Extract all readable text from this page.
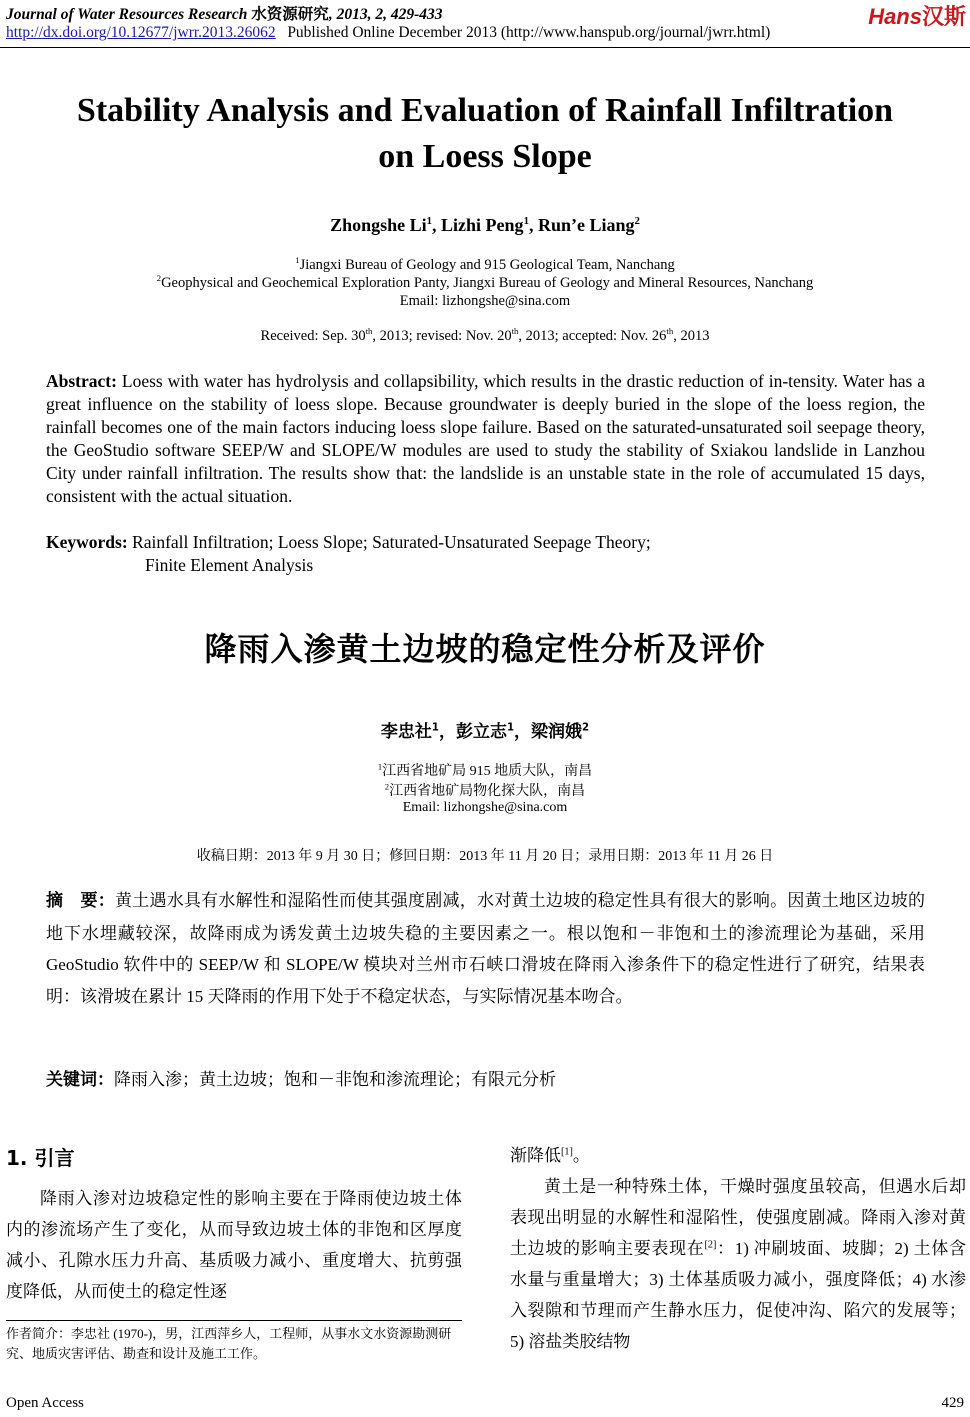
Journal of Water Resources Research 水资源研究, 2013, 2, 429-433	Hans汉斯
http://dx.doi.org/10.12677/jwrr.2013.26062 Published Online December 2013 (http://www.hanspub.org/journal/jwrr.html)
Stability Analysis and Evaluation of Rainfall Infiltration
on Loess Slope
Zhongshe Li$^1$, Lizhi Peng$^1$, Run’e Liang$^2$
$^1$Jiangxi Bureau of Geology and 915 Geological Team, Nanchang
$^2$Geophysical and Geochemical Exploration Panty, Jiangxi Bureau of Geology and Mineral Resources, Nanchang
Email: lizhongshe@sina.com
Received: Sep. 30th, 2013; revised: Nov. 20th, 2013; accepted: Nov. 26th, 2013
Abstract: Loess with water has hydrolysis and collapsibility, which results in the drastic reduction of in-tensity. Water has a great influence on the stability of loess slope. Because groundwater is deeply buried in the slope of the loess region, the rainfall becomes one of the main factors inducing loess slope failure. Based on the saturated-unsaturated soil seepage theory, the GeoStudio software SEEP/W and SLOPE/W modules are used to study the stability of Sxiakou landslide in Lanzhou City under rainfall infiltration. The results show that: the landslide is an unstable state in the role of accumulated 15 days, consistent with the actual situation.
Keywords: Rainfall Infiltration; Loess Slope; Saturated-Unsaturated Seepage Theory;
Finite Element Analysis
降雨入渗黄土边坡的稳定性分析及评价
李忠社$^1$，彭立志$^1$，梁润娥$^2$
$^1$江西省地矿局 915 地质大队，南昌
$^2$江西省地矿局物化探大队，南昌
Email: lizhongshe@sina.com
收稿日期：2013 年 9 月 30 日；修回日期：2013 年 11 月 20 日；录用日期：2013 年 11 月 26 日
摘　要：黄土遇水具有水解性和湿陷性而使其强度剧减，水对黄土边坡的稳定性具有很大的影响。因黄土地区边坡的地下水埋藏较深，故降雨成为诱发黄土边坡失稳的主要因素之一。根以饱和－非饱和土的渗流理论为基础，采用 GeoStudio 软件中的 SEEP/W 和 SLOPE/W 模块对兰州市石峡口滑坡在降雨入渗条件下的稳定性进行了研究，结果表明：该滑坡在累计 15 天降雨的作用下处于不稳定状态，与实际情况基本吻合。
关键词：降雨入渗；黄土边坡；饱和－非饱和渗流理论；有限元分析
1. 引言

降雨入渗对边坡稳定性的影响主要在于降雨使边坡土体内的渗流场产生了变化，从而导致边坡土体的非饱和区厚度减小、孔隙水压力升高、基质吸力减小、重度增大、抗剪强度降低，从而使土的稳定性逐

渐降低[1]。

黄土是一种特殊土体，干燥时强度虽较高，但遇水后却表现出明显的水解性和湿陷性，使强度剧减。降雨入渗对黄土边坡的影响主要表现在[2]：1) 冲刷坡面、坡脚；2) 土体含水量与重量增大；3) 土体基质吸力减小，强度降低；4) 水渗入裂隙和节理而产生静水压力，促使冲沟、陷穴的发展等；5) 溶盐类胶结物

作者简介：李忠社 (1970-)，男，江西萍乡人，工程师，从事水文水资源勘测研究、地质灾害评估、勘查和设计及施工工作。
Open Access	429
